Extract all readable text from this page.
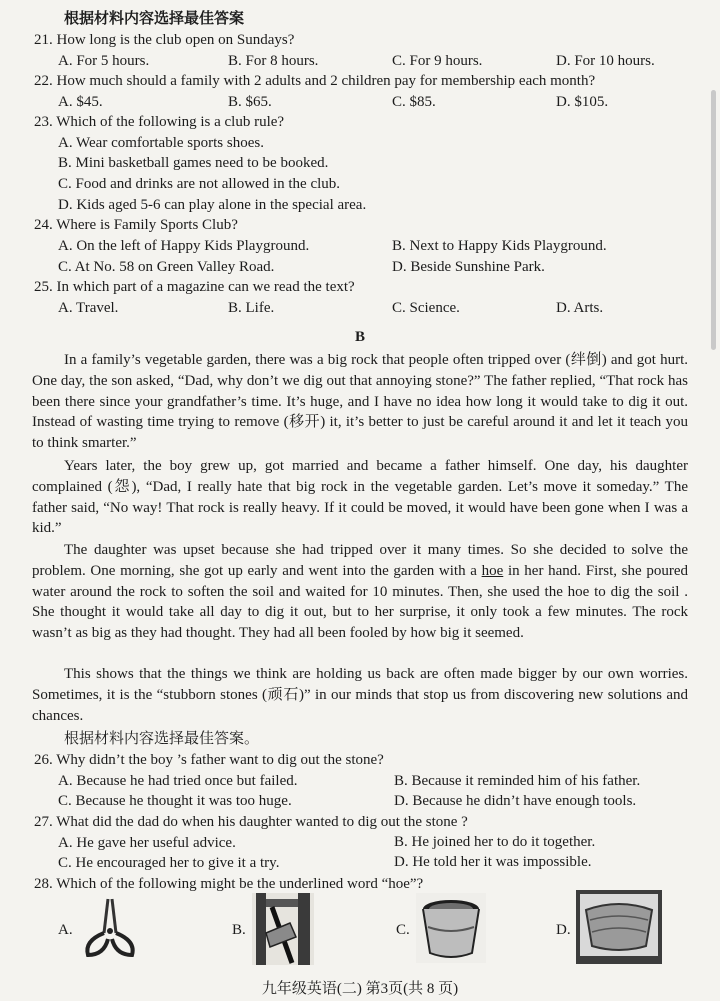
根据材料内容选择最佳答案
21. How long is the club open on Sundays?
A. For 5 hours.	B. For 8 hours.	C. For 9 hours.	D. For 10 hours.
22. How much should a family with 2 adults and 2 children pay for membership each month?
A. $45.	B. $65.	C. $85.	D. $105.
23. Which of the following is a club rule?
A. Wear comfortable sports shoes.
B. Mini basketball games need to be booked.
C. Food and drinks are not allowed in the club.
D. Kids aged 5-6 can play alone in the special area.
24. Where is Family Sports Club?
A. On the left of Happy Kids Playground.	B. Next to Happy Kids Playground.
C. At No. 58 on Green Valley Road.	D. Beside Sunshine Park.
25. In which part of a magazine can we read the text?
A. Travel.	B. Life.	C. Science.	D. Arts.
B
In a family’s vegetable garden, there was a big rock that people often tripped over (绊倒) and got hurt. One day, the son asked, “Dad, why don’t we dig out that annoying stone?” The father replied, “That rock has been there since your grandfather’s time. It’s huge, and I have no idea how long it would take to dig it out. Instead of wasting time trying to remove (移开) it, it’s better to just be careful around it and let it teach you to think smarter.”
Years later, the boy grew up, got married and became a father himself. One day, his daughter complained (怨), “Dad, I really hate that big rock in the vegetable garden. Let’s move it someday.” The father said, “No way! That rock is really heavy. If it could be moved, it would have been gone when I was a kid.”
The daughter was upset because she had tripped over it many times. So she decided to solve the problem. One morning, she got up early and went into the garden with a hoe in her hand. First, she poured water around the rock to soften the soil and waited for 10 minutes. Then, she used the hoe to dig the soil . She thought it would take all day to dig it out, but to her surprise, it only took a few minutes. The rock wasn’t as big as they had thought. They had all been fooled by how big it seemed.
This shows that the things we think are holding us back are often made bigger by our own worries. Sometimes, it is the “stubborn stones (顽石)” in our minds that stop us from discovering new solutions and chances.
根据材料内容选择最佳答案。
26. Why didn’t the boy ’s father want to dig out the stone?
A. Because he had tried once but failed.	B. Because it reminded him of his father.
C. Because he thought it was too huge.	D. Because he didn’t have enough tools.
27. What did the dad do when his daughter wanted to dig out the stone ?
A. He gave her useful advice.	B. He joined her to do it together.
C. He encouraged her to give it a try.	D. He told her it was impossible.
28. Which of the following might be the underlined word “hoe”?
A.	B.	C.	D.
九年级英语(二) 第3页(共 8 页)
